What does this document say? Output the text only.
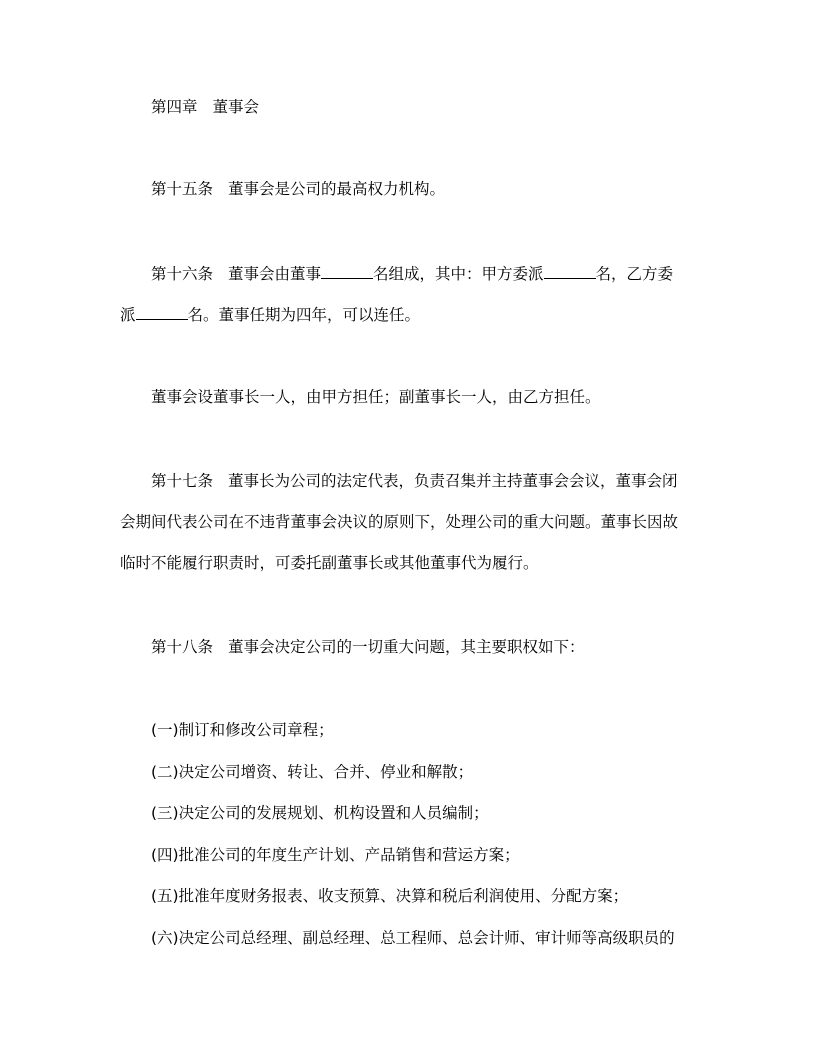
第四章 董事会
第十五条 董事会是公司的最高权力机构。
第十六条 董事会由董事	名组成，其中：甲方委派	名，乙方委
派	名。董事任期为四年，可以连任。
董事会设董事长一人，由甲方担任；副董事长一人，由乙方担任。
第十七条 董事长为公司的法定代表，负责召集并主持董事会会议，董事会闭
会期间代表公司在不违背董事会决议的原则下，处理公司的重大问题。董事长因故
临时不能履行职责时，可委托副董事长或其他董事代为履行。
第十八条 董事会决定公司的一切重大问题，其主要职权如下：
(一)制订和修改公司章程；
(二)决定公司增资、转让、合并、停业和解散；
(三)决定公司的发展规划、机构设置和人员编制；
(四)批准公司的年度生产计划、产品销售和营运方案；
(五)批准年度财务报表、收支预算、决算和税后利润使用、分配方案；
(六)决定公司总经理、副总经理、总工程师、总会计师、审计师等高级职员的
